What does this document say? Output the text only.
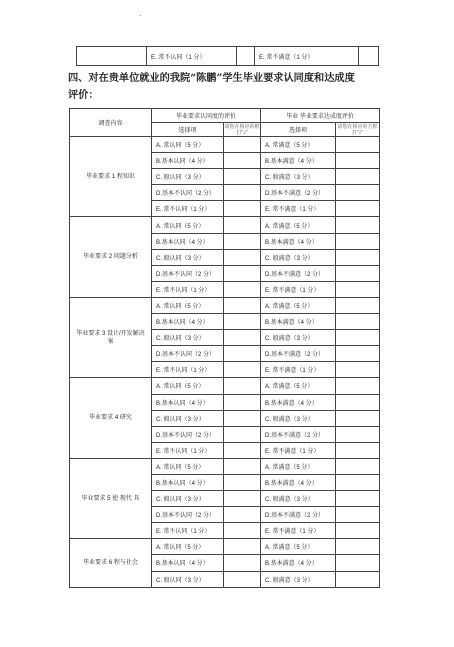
	E. 常不认同（1 分）		E. 常不满意（1 分）	
四、对在贵单位就业的我院“陈鹏”学生毕业要求认同度和达成度
评价：
调查内容	毕业要求认同度的评价		毕业 毕业要求达成度评价	
	选择项	请您在相应的框打“√”	选择项	请您在相应的方框打“√”
毕业要求 1 程知识	A. 常认同（5 分）		A. 常满意（5 分）	
	B.基本认同（4 分）		B.基本满意（4 分）	
	C. 般认同（3 分）		C. 般满意（3 分）	
	D.基本不认同（2 分）		D.基本不满意（2 分）	
	E. 常不认同（1 分）		E. 常不满意（1 分）	
毕业要求 2 问题分析	A. 常认同（5 分）		A. 常满意（5 分）	
	B.基本认同（4 分）		B.基本满意（4 分）	
	C. 般认同（3 分）		C. 般满意（3 分）	
	D.基本不认同（2 分）		D.基本不满意（2 分）	
	E. 常不认同（1 分）		E. 常不满意（1 分）	
毕业要求 3 设计/开发解决案	A. 常认同（5 分）		A. 常满意（5 分）	
	B.基本认同（4 分）		B.基本满意（4 分）	
	C. 般认同（3 分）		C. 般满意（3 分）	
	D.基本不认同（2 分）		D.基本不满意（2 分）	
	E. 常不认同（1 分）		E. 常不满意（1 分）	
毕业要求 4 研究	A. 常认同（5 分）		A. 常满意（5 分）	
	B.基本认同（4 分）		B.基本满意（4 分）	
	C. 般认同（3 分）		C. 般满意（3 分）	
	D.基本不认同（2 分）		D.基本不满意（2 分）	
	E. 常不认同（1 分）		E. 常不满意（1 分）	
毕业要求 5 使 现代 具	A. 常认同（5 分）		A. 常满意（5 分）	
	B.基本认同（4 分）		B.基本满意（4 分）	
	C. 般认同（3 分）		C. 般满意（3 分）	
	D.基本不认同（2 分）		D.基本不满意（2 分）	
	E. 常不认同（1 分）		E. 常不满意（1 分）	
毕业要求 6 程与社会	A. 常认同（5 分）		A. 常满意（5 分）	
	B.基本认同（4 分）		B.基本满意（4 分）	
	C. 般认同（3 分）		C. 般满意（3 分）	
